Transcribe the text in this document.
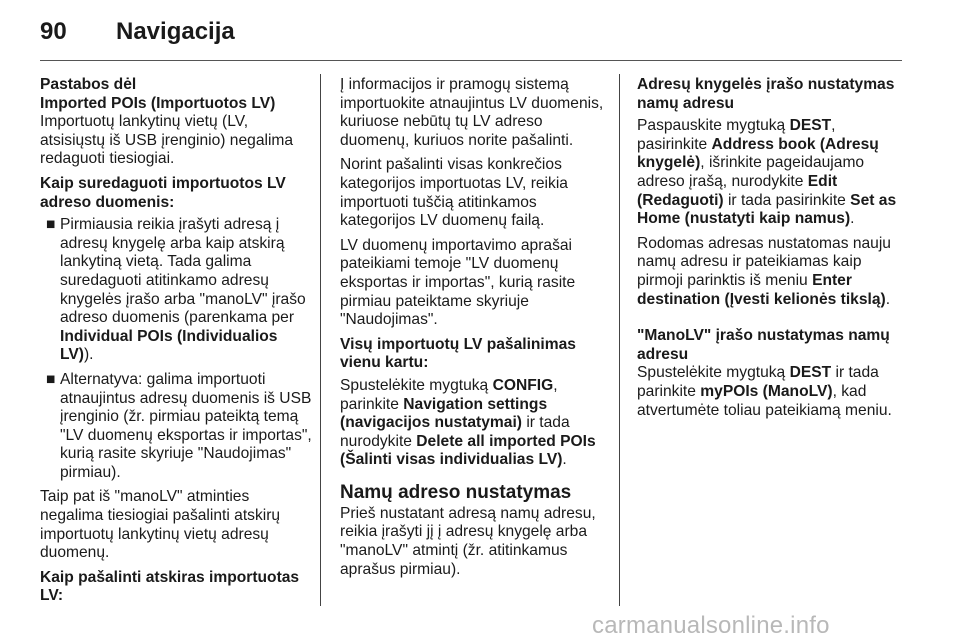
90 Navigacija
Pastabos dėl
Imported POIs (Importuotos LV)

Importuotų lankytinų vietų (LV, atsisiųstų iš USB įrenginio) negalima redaguoti tiesiogiai.

Kaip suredaguoti importuotos LV adreso duomenis:
■ Pirmiausia reikia įrašyti adresą į adresų knygelę arba kaip atskirą lankytiną vietą. Tada galima suredaguoti atitinkamo adresų knygelės įrašo arba "manoLV" įrašo adreso duomenis (parenkama per Individual POIs (Individualios LV)).
■ Alternatyva: galima importuoti atnaujintus adresų duomenis iš USB įrenginio (žr. pirmiau pateiktą temą "LV duomenų eksportas ir importas", kurią rasite skyriuje "Naudojimas" pirmiau).

Taip pat iš "manoLV" atminties negalima tiesiogiai pašalinti atskirų importuotų lankytinų vietų adresų duomenų.

Kaip pašalinti atskiras importuotas LV:

Į informacijos ir pramogų sistemą importuokite atnaujintus LV duomenis, kuriuose nebūtų tų LV adreso duomenų, kuriuos norite pašalinti.

Norint pašalinti visas konkrečios kategorijos importuotas LV, reikia importuoti tuščią atitinkamos kategorijos LV duomenų failą.

LV duomenų importavimo aprašai pateikiami temoje "LV duomenų eksportas ir importas", kurią rasite pirmiau pateiktame skyriuje "Naudojimas".

Visų importuotų LV pašalinimas vienu kartu:

Spustelėkite mygtuką CONFIG, parinkite Navigation settings (navigacijos nustatymai) ir tada nurodykite Delete all imported POIs (Šalinti visas individualias LV).

Namų adreso nustatymas

Prieš nustatant adresą namų adresu, reikia įrašyti jį į adresų knygelę arba "manoLV" atmintį (žr. atitinkamus aprašus pirmiau).

Adresų knygelės įrašo nustatymas namų adresu

Paspauskite mygtuką DEST, pasirinkite Address book (Adresų knygelė), išrinkite pageidaujamo adreso įrašą, nurodykite Edit (Redaguoti) ir tada pasirinkite Set as Home (nustatyti kaip namus).

Rodomas adresas nustatomas nauju namų adresu ir pateikiamas kaip pirmoji parinktis iš meniu Enter destination (Įvesti kelionės tikslą).

"ManoLV" įrašo nustatymas namų adresu

Spustelėkite mygtuką DEST ir tada parinkite myPOIs (ManoLV), kad atvertumėte toliau pateikiamą meniu.

carmanualsonline.info
